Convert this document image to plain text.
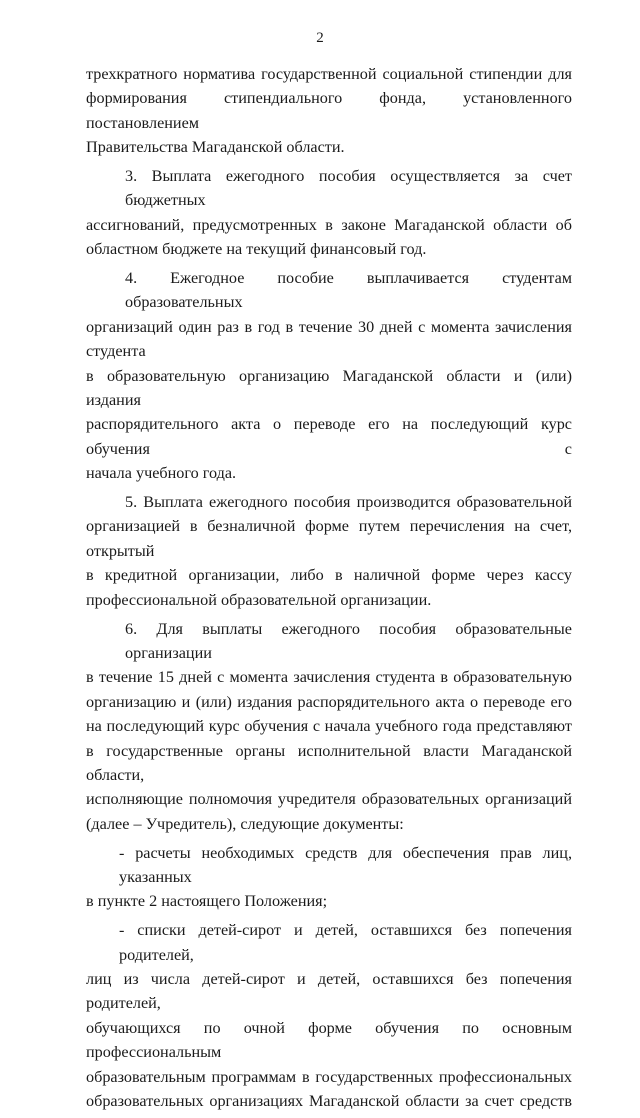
2

трехкратного норматива государственной социальной стипендии для
формирования стипендиального фонда, установленного постановлением
Правительства Магаданской области.

3. Выплата ежегодного пособия осуществляется за счет бюджетных
ассигнований, предусмотренных в законе Магаданской области об
областном бюджете на текущий финансовый год.

4. Ежегодное пособие выплачивается студентам образовательных
организаций один раз в год в течение 30 дней с момента зачисления студента
в образовательную организацию Магаданской области и (или) издания
распорядительного акта о переводе его на последующий курс обучения с
начала учебного года.

5. Выплата ежегодного пособия производится образовательной
организацией в безналичной форме путем перечисления на счет, открытый
в кредитной организации, либо в наличной форме через кассу
профессиональной образовательной организации.

6. Для выплаты ежегодного пособия образовательные организации
в течение 15 дней с момента зачисления студента в образовательную
организацию и (или) издания распорядительного акта о переводе его
на последующий курс обучения с начала учебного года представляют
в государственные органы исполнительной власти Магаданской области,
исполняющие полномочия учредителя образовательных организаций
(далее – Учредитель), следующие документы:

- расчеты необходимых средств для обеспечения прав лиц, указанных
в пункте 2 настоящего Положения;

- списки детей-сирот и детей, оставшихся без попечения родителей,
лиц из числа детей-сирот и детей, оставшихся без попечения родителей,
обучающихся по очной форме обучения по основным профессиональным
образовательным программам в государственных профессиональных
образовательных организациях Магаданской области за счет средств
